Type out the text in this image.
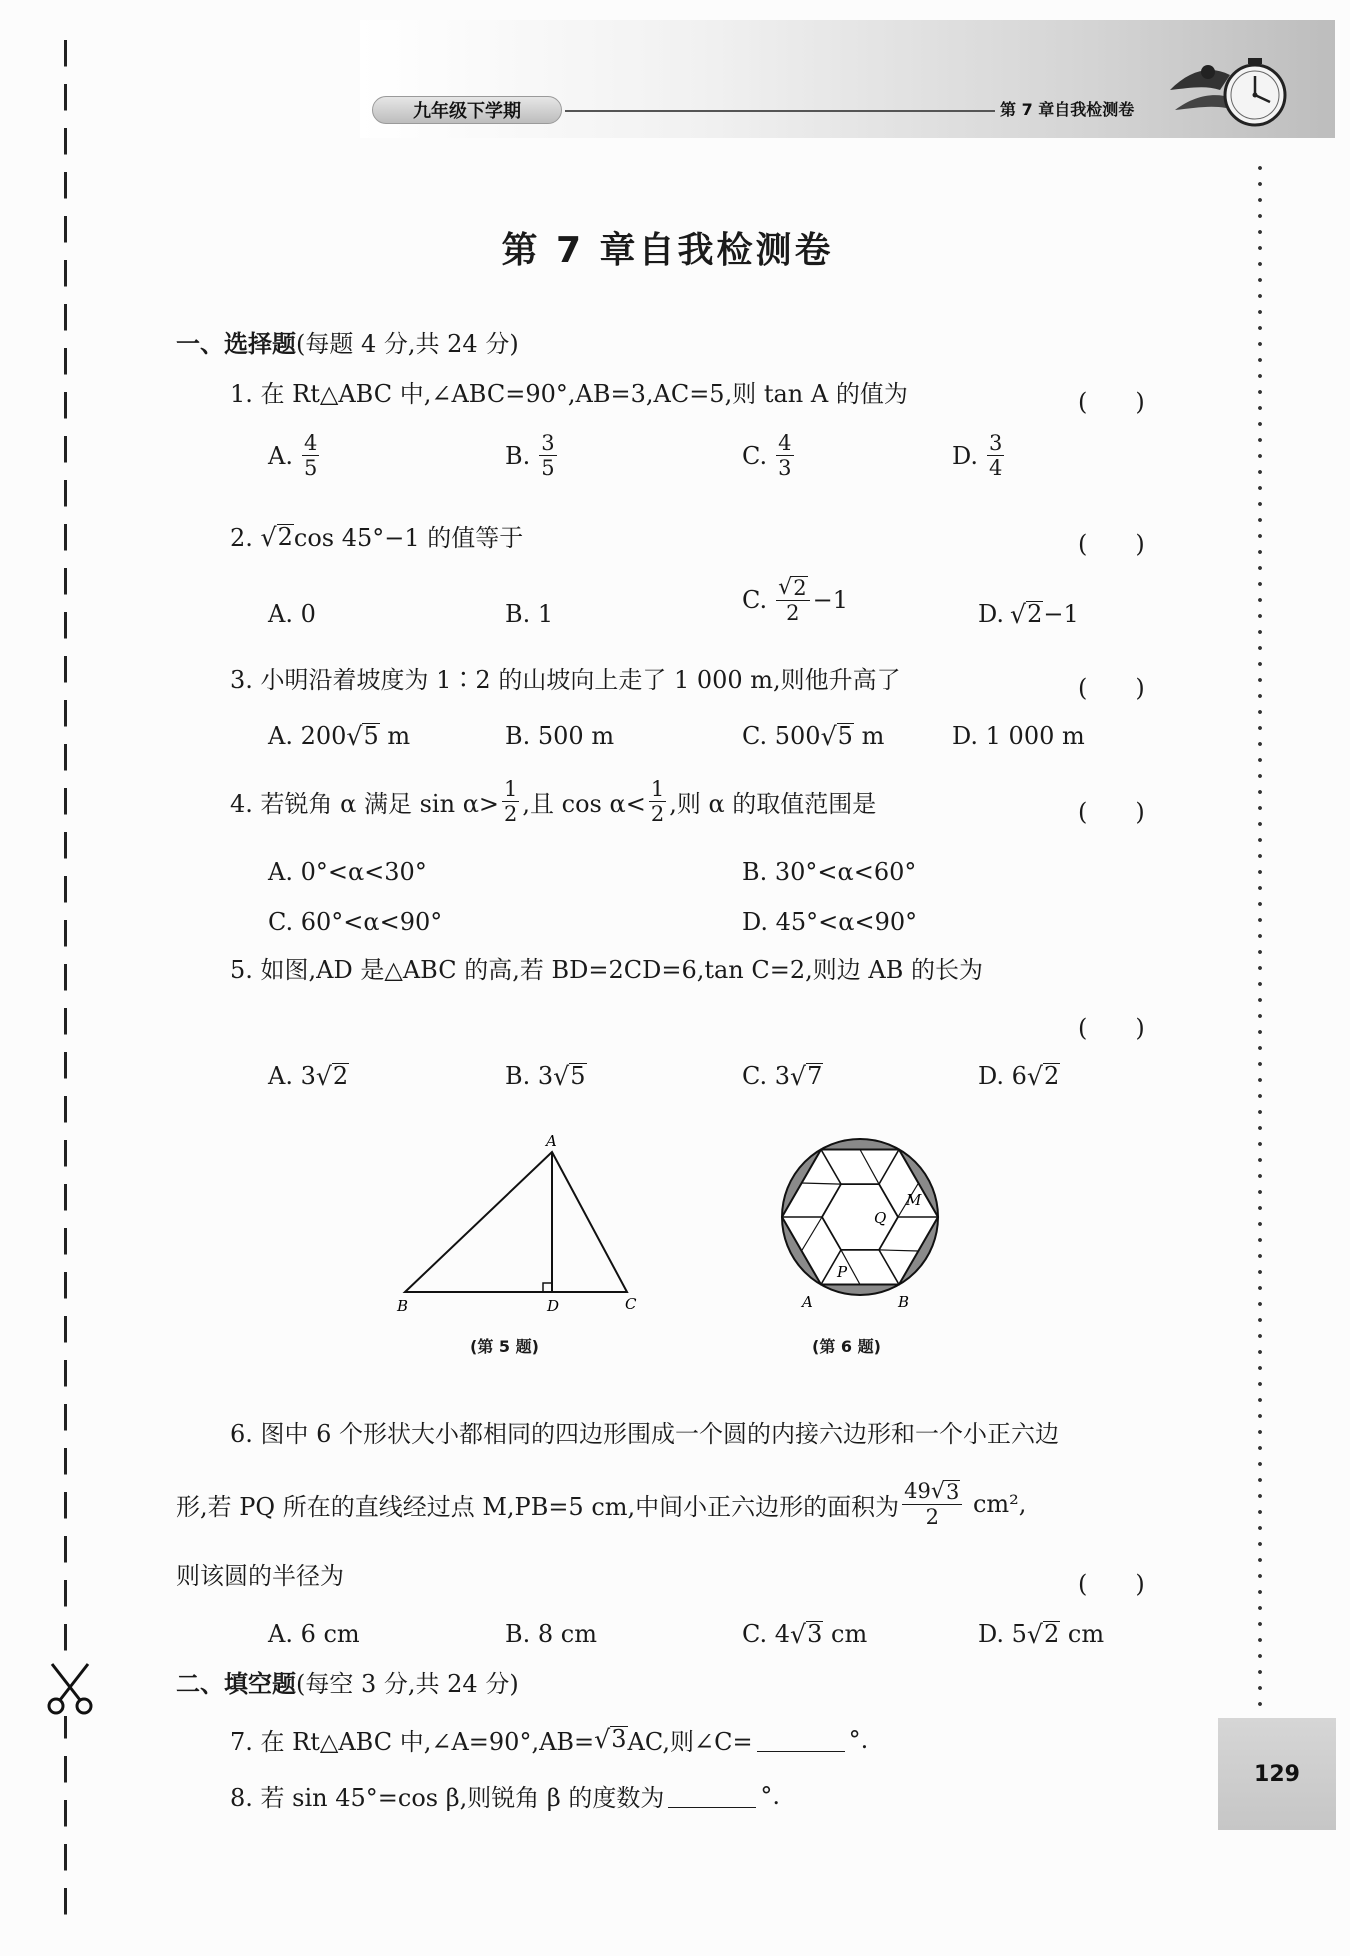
九年级下学期	第 7 章自我检测卷
129
第 7 章自我检测卷
一、选择题(每题 4 分,共 24 分)
1. 在 Rt△ABC 中,∠ABC=90°,AB=3,AC=5,则 tan A 的值为	(　　)
A. $\frac{4}{5}$	B. $\frac{3}{5}$	C. $\frac{4}{3}$	D. $\frac{3}{4}$
2. √ 2 cos 45°−1 的值等于	(　　)
A. 0	B. 1	C. $\frac{√ 2}{2} -1$	D. √ 2 −1
3. 小明沿着坡度为 1∶2 的山坡向上走了 1 000 m,则他升高了	(　　)
A. 200 √ 5
m	B. 500 m	C. 500 √ 5
m	D. 1 000 m
4. 若锐角 α 满足 $\sin \alpha> \frac{1}{2}$ ,且 $\cos \alpha< \frac{1}{2}$ ,则 α 的取值范围是	(　　)
A. 0°<α<30°	B. 30°<α<60°
C. 60°<α<90°	D. 45°<α<90°
5. 如图,AD 是△ABC 的高,若 BD=2CD=6,tan C=2,则边 AB 的长为
(　　)
A. 3 √ 2	B. 3 √ 5	C. 3 √ 7	D. 6 √ 2
A
B	D	C
(第 5 题)
M
Q
P
A	B
(第 6 题)
6. 图中 6 个形状大小都相同的四边形围成一个圆的内接六边形和一个小正六边
形,若 PQ 所在的直线经过点 M,PB=5 cm,中间小正六边形的面积为 $\frac{49 √ 3}{2}$
cm²,
则该圆的半径为	(　　)
A. 6 cm	B. 8 cm	C. 4 √ 3
cm	D. 5 √ 2
cm
二、填空题(每空 3 分,共 24 分)
7. 在 Rt△ABC 中,∠A=90°,AB= √ 3 AC,则∠C=	°.
8. 若 sin 45°=cos β,则锐角 β 的度数为	°.
